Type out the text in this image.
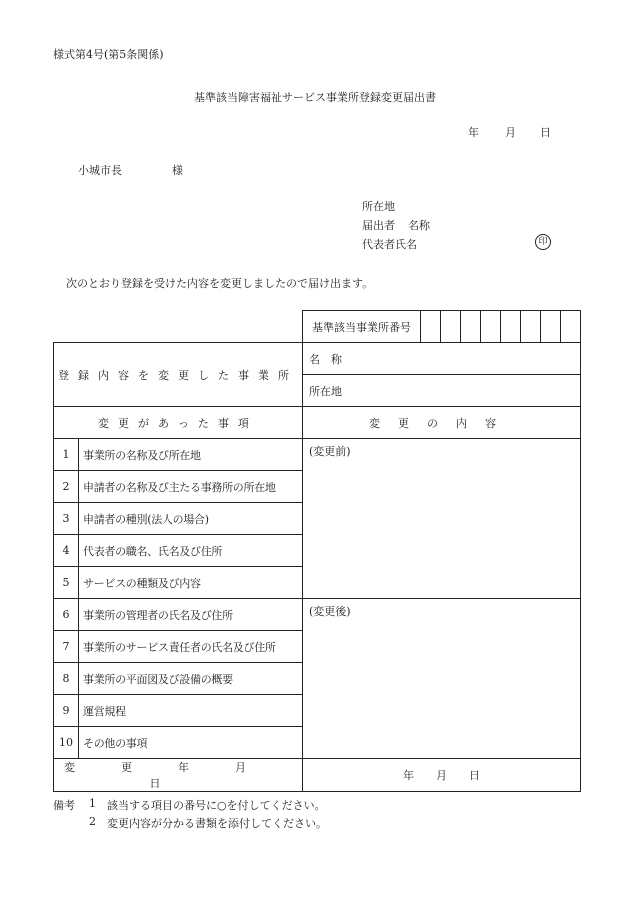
様式第4号(第5条関係)
基準該当障害福祉サービス事業所登録変更届出書
年 月 日
小城市長	様
所在地
届出者 名称
代表者氏名	印
次のとおり登録を受けた内容を変更しましたので届け出ます。
基準該当事業所番号								
登録内容を変更した事業所		名　称
		所在地
変更があった事項		変更の内容
1	事業所の名称及び所在地	(変更前)
2	申請者の名称及び主たる事務所の所在地	
3	申請者の種別(法人の場合)	
4	代表者の職名、氏名及び住所	
5	サービスの種類及び内容	
6	事業所の管理者の氏名及び住所	(変更後)
7	事業所のサービス責任者の氏名及び住所	
8	事業所の平面図及び設備の概要	
9	運営規程	
10	その他の事項	
変更年月日		年　　月　　日
備考 1 該当する項目の番号に○を付してください。
2 変更内容が分かる書類を添付してください。
